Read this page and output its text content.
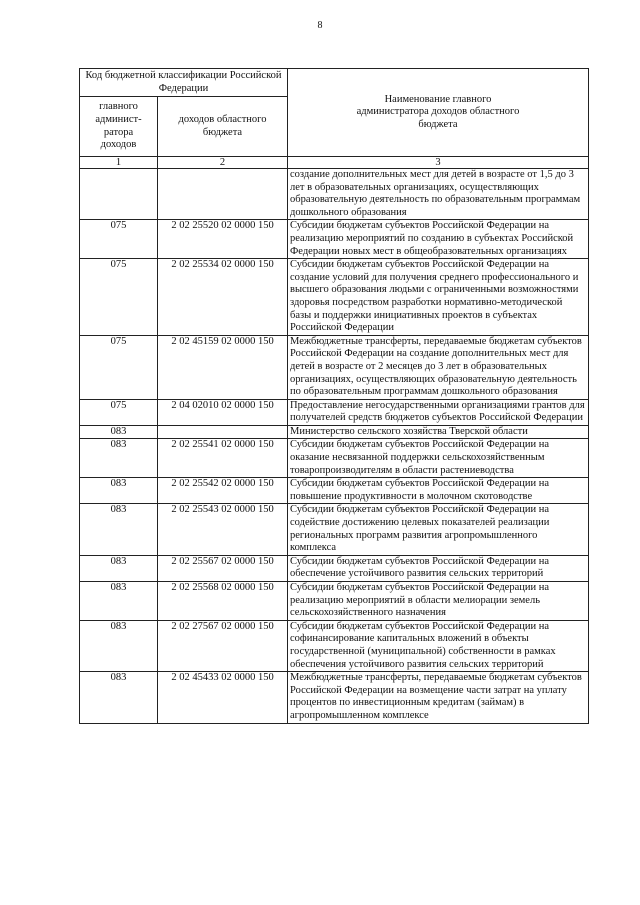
8
Код бюджетной классификации Российской Федерации		Наименование главного администратора доходов областного бюджета
главного админист-ратора доходов	доходов областного бюджета	
1	2	3
		создание дополнительных мест для детей в возрасте от 1,5 до 3 лет в образовательных организациях, осуществляющих образовательную деятельность по образовательным программам дошкольного образования
075	2 02 25520 02 0000 150	Субсидии бюджетам субъектов Российской Федерации на реализацию мероприятий по созданию в субъектах Российской Федерации новых мест в общеобразовательных организациях
075	2 02 25534 02 0000 150	Субсидии бюджетам субъектов Российской Федерации на создание условий для получения среднего профессионального и высшего образования людьми с ограниченными возможностями здоровья посредством разработки нормативно-методической базы и поддержки инициативных проектов в субъектах Российской Федерации
075	2 02 45159 02 0000 150	Межбюджетные трансферты, передаваемые бюджетам субъектов Российской Федерации на создание дополнительных мест для детей в возрасте от 2 месяцев до 3 лет в образовательных организациях, осуществляющих образовательную деятельность по образовательным программам дошкольного образования
075	2 04 02010 02 0000 150	Предоставление негосударственными организациями грантов для получателей средств бюджетов субъектов Российской Федерации
083		Министерство сельского хозяйства Тверской области
083	2 02 25541 02 0000 150	Субсидии бюджетам субъектов Российской Федерации на оказание несвязанной поддержки сельскохозяйственным товаропроизводителям в области растениеводства
083	2 02 25542 02 0000 150	Субсидии бюджетам субъектов Российской Федерации на повышение продуктивности в молочном скотоводстве
083	2 02 25543 02 0000 150	Субсидии бюджетам субъектов Российской Федерации на содействие достижению целевых показателей реализации региональных программ развития агропромышленного комплекса
083	2 02 25567 02 0000 150	Субсидии бюджетам субъектов Российской Федерации на обеспечение устойчивого развития сельских территорий
083	2 02 25568 02 0000 150	Субсидии бюджетам субъектов Российской Федерации на реализацию мероприятий в области мелиорации земель сельскохозяйственного назначения
083	2 02 27567 02 0000 150	Субсидии бюджетам субъектов Российской Федерации на софинансирование капитальных вложений в объекты государственной (муниципальной) собственности в рамках обеспечения устойчивого развития сельских территорий
083	2 02 45433 02 0000 150	Межбюджетные трансферты, передаваемые бюджетам субъектов Российской Федерации на возмещение части затрат на уплату процентов по инвестиционным кредитам (займам) в агропромышленном комплексе
